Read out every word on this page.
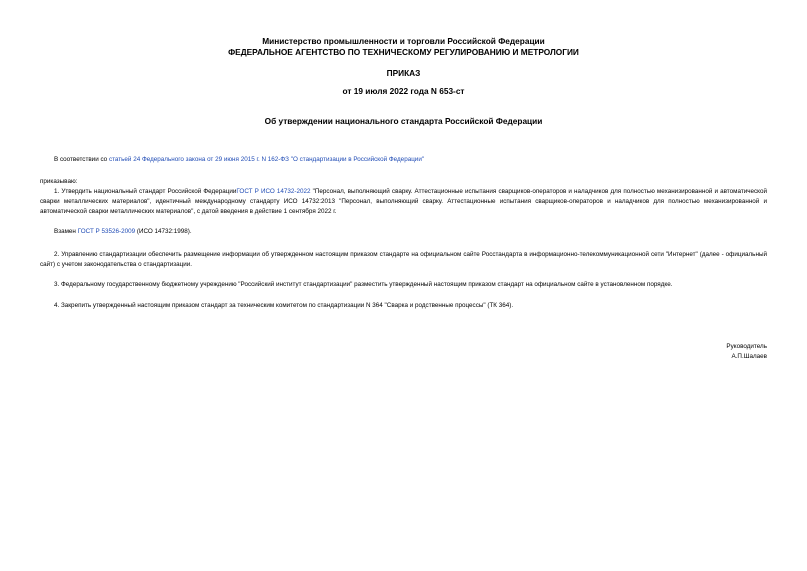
Министерство промышленности и торговли Российской Федерации
ФЕДЕРАЛЬНОЕ АГЕНТСТВО ПО ТЕХНИЧЕСКОМУ РЕГУЛИРОВАНИЮ И МЕТРОЛОГИИ
ПРИКАЗ
от 19 июля 2022 года N 653-ст
Об утверждении национального стандарта Российской Федерации
В соответствии со статьей 24 Федерального закона от 29 июня 2015 г. N 162-ФЗ "О стандартизации в Российской Федерации"
приказываю:
1. Утвердить национальный стандарт Российской ФедерацииГОСТ Р ИСО 14732-2022 "Персонал, выполняющий сварку. Аттестационные испытания сварщиков-операторов и наладчиков для полностью механизированной и автоматической сварки металлических материалов", идентичный международному стандарту ИСО 14732:2013 "Персонал, выполняющий сварку. Аттестационные испытания сварщиков-операторов и наладчиков для полностью механизированной и автоматической сварки металлических материалов", с датой введения в действие 1 сентября 2022 г.
Взамен ГОСТ Р 53526-2009 (ИСО 14732:1998).
2. Управлению стандартизации обеспечить размещение информации об утвержденном настоящим приказом стандарте на официальном сайте Росстандарта в информационно-телекоммуникационной сети "Интернет" (далее - официальный сайт) с учетом законодательства о стандартизации.
3. Федеральному государственному бюджетному учреждению "Российский институт стандартизации" разместить утвержденный настоящим приказом стандарт на официальном сайте в установленном порядке.
4. Закрепить утвержденный настоящим приказом стандарт за техническим комитетом по стандартизации N 364 "Сварка и родственные процессы" (ТК 364).
Руководитель
А.П.Шалаев
